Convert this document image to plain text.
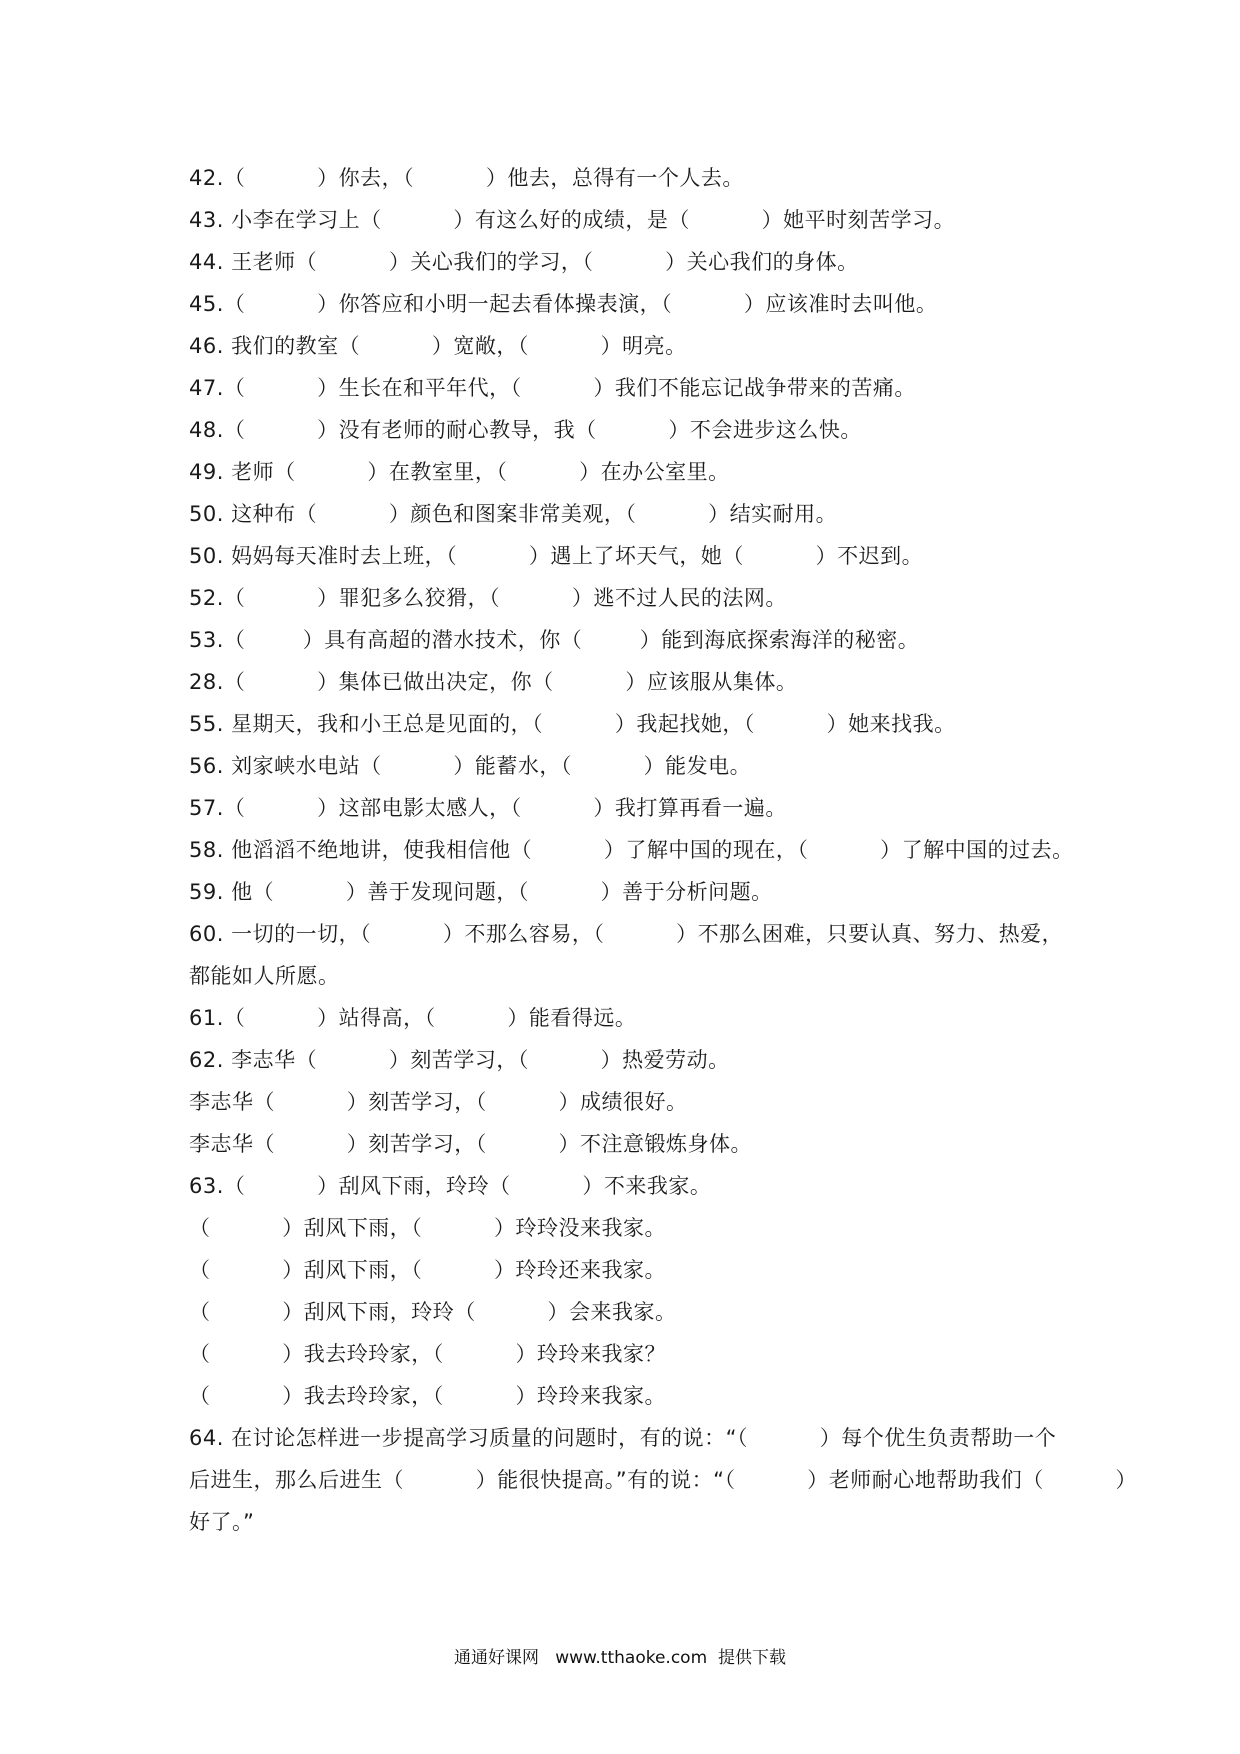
42.（          ）你去，（          ）他去，总得有一个人去。
43. 小李在学习上（          ）有这么好的成绩，是（          ）她平时刻苦学习。
44. 王老师（          ）关心我们的学习，（          ）关心我们的身体。
45.（          ）你答应和小明一起去看体操表演，（          ）应该准时去叫他。
46. 我们的教室（          ）宽敞，（          ）明亮。
47.（          ）生长在和平年代，（          ）我们不能忘记战争带来的苦痛。
48.（          ）没有老师的耐心教导，我（          ）不会进步这么快。
49. 老师（          ）在教室里，（          ）在办公室里。
50. 这种布（          ）颜色和图案非常美观，（          ）结实耐用。
50. 妈妈每天准时去上班，（          ）遇上了坏天气，她（          ）不迟到。
52.（          ）罪犯多么狡猾，（          ）逃不过人民的法网。
53.（        ）具有高超的潜水技术，你（        ）能到海底探索海洋的秘密。
28.（          ）集体已做出决定，你（          ）应该服从集体。
55. 星期天，我和小王总是见面的，（          ）我起找她，（          ）她来找我。
56. 刘家峡水电站（          ）能蓄水，（          ）能发电。
57.（          ）这部电影太感人，（          ）我打算再看一遍。
58. 他滔滔不绝地讲，使我相信他（          ）了解中国的现在，（          ）了解中国的过去。
59. 他（          ）善于发现问题，（          ）善于分析问题。
60. 一切的一切，（          ）不那么容易，（          ）不那么困难，只要认真、努力、热爱，
都能如人所愿。
61.（          ）站得高，（          ）能看得远。
62. 李志华（          ）刻苦学习，（          ）热爱劳动。
李志华（          ）刻苦学习，（          ）成绩很好。
李志华（          ）刻苦学习，（          ）不注意锻炼身体。
63.（          ）刮风下雨，玲玲（          ）不来我家。
（          ）刮风下雨，（          ）玲玲没来我家。
（          ）刮风下雨，（          ）玲玲还来我家。
（          ）刮风下雨，玲玲（          ）会来我家。
（          ）我去玲玲家，（          ）玲玲来我家？
（          ）我去玲玲家，（          ）玲玲来我家。
64. 在讨论怎样进一步提高学习质量的问题时，有的说：“（          ）每个优生负责帮助一个
后进生，那么后进生（          ）能很快提高。”有的说：“（          ）老师耐心地帮助我们（          ）
好了。”
通通好课网   www.tthaoke.com  提供下载
